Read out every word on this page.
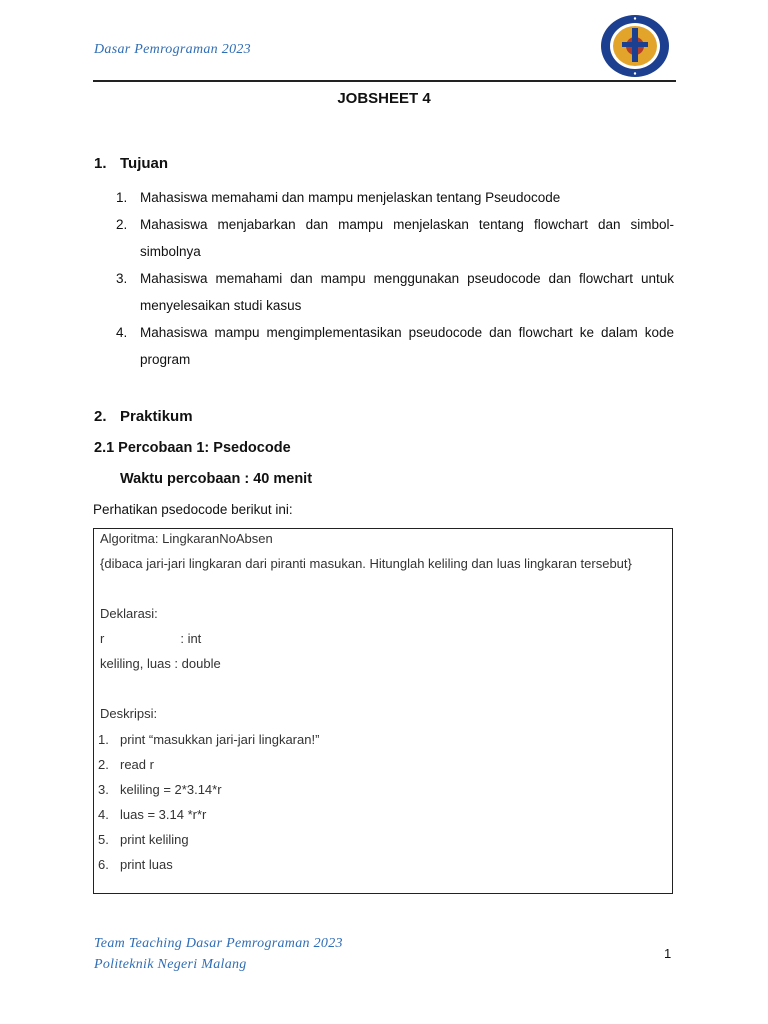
Dasar Pemrograman 2023
JOBSHEET 4
1. Tujuan
1. Mahasiswa memahami dan mampu menjelaskan tentang Pseudocode
2. Mahasiswa menjabarkan dan mampu menjelaskan tentang flowchart dan simbol-simbolnya
3. Mahasiswa memahami dan mampu menggunakan pseudocode dan flowchart untuk menyelesaikan studi kasus
4. Mahasiswa mampu mengimplementasikan pseudocode dan flowchart ke dalam kode program
2. Praktikum
2.1 Percobaan 1: Psedocode
Waktu percobaan : 40 menit
Perhatikan psedocode berikut ini:
Algoritma: LingkaranNoAbsen
{dibaca jari-jari lingkaran dari piranti masukan. Hitunglah keliling dan luas lingkaran tersebut}
Deklarasi:
r	: int
keliling, luas : double
Deskripsi:
1. print “masukkan jari-jari lingkaran!”
2. read r
3. keliling = 2*3.14*r
4. luas = 3.14 *r*r
5. print keliling
6. print luas
Team Teaching Dasar Pemrograman 2023
Politeknik Negeri Malang
1
